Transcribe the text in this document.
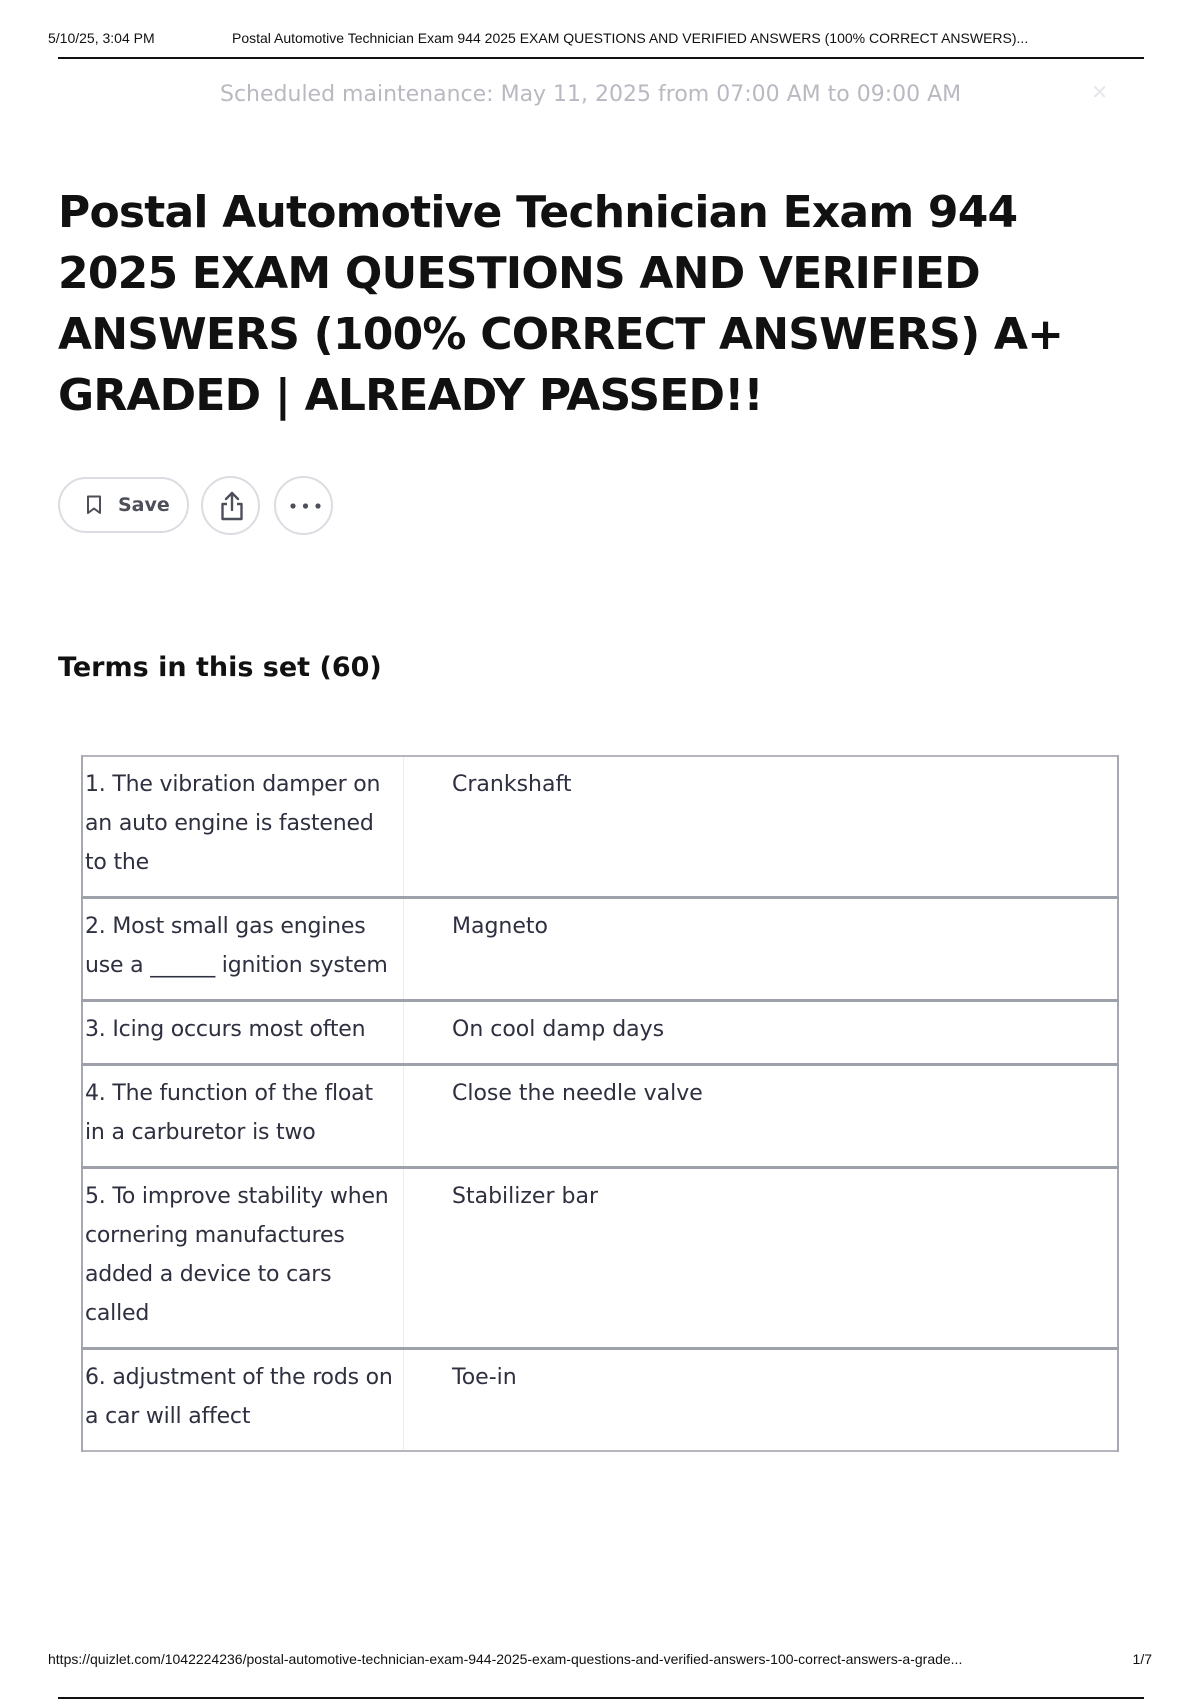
5/10/25, 3:04 PM	Postal Automotive Technician Exam 944 2025 EXAM QUESTIONS AND VERIFIED ANSWERS (100% CORRECT ANSWERS)...
Scheduled maintenance: May 11, 2025 from 07:00 AM to 09:00 AM	✕
Postal Automotive Technician Exam 944 2025 EXAM QUESTIONS AND VERIFIED ANSWERS (100% CORRECT ANSWERS) A+ GRADED | ALREADY PASSED!!
Save
Terms in this set (60)
1. The vibration damper on an auto engine is fastened to the	Crankshaft
2. Most small gas engines use a ______ ignition system	Magneto
3. Icing occurs most often	On cool damp days
4. The function of the float in a carburetor is two	Close the needle valve
5. To improve stability when cornering manufactures added a device to cars called	Stabilizer bar
6. adjustment of the rods on a car will affect	Toe-in
https://quizlet.com/1042224236/postal-automotive-technician-exam-944-2025-exam-questions-and-verified-answers-100-correct-answers-a-grade...	1/7
